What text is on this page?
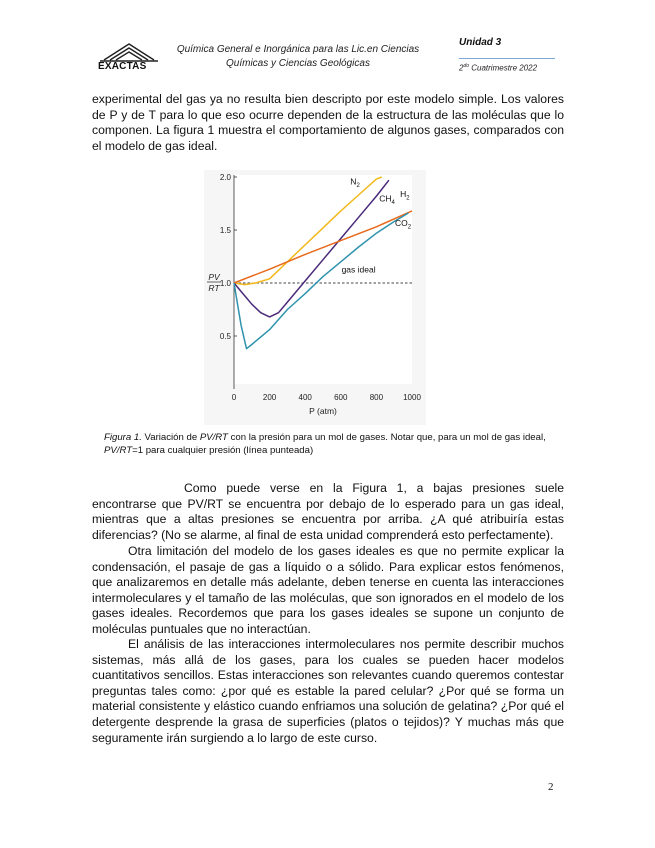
EXACTAS
Química General e Inorgánica para las Lic.en Ciencias
Químicas y Ciencias Geológicas
Unidad 3
$2^{do}$ Cuatrimestre 2022

experimental del gas ya no resulta bien descripto por este modelo simple. Los valores de P y de T para lo que eso ocurre dependen de la estructura de las moléculas que lo componen. La figura 1 muestra el comportamiento de algunos gases, comparados con el modelo de gas ideal.

0.5
1.0
1.5
2.0
0	200	400	600	800	1000
P (atm)
PV
RT
gas ideal
$N_2$
$CH_4$
$H_2$
$CO_2$
Figura 1. Variación de PV/RT con la presión para un mol de gases. Notar que, para un mol de gas ideal, PV/RT=1 para cualquier presión (línea punteada)

Como puede verse en la Figura 1, a bajas presiones suele encontrarse que PV/RT se encuentra por debajo de lo esperado para un gas ideal, mientras que a altas presiones se encuentra por arriba. ¿A qué atribuiría estas diferencias? (No se alarme, al final de esta unidad comprenderá esto perfectamente).

Otra limitación del modelo de los gases ideales es que no permite explicar la condensación, el pasaje de gas a líquido o a sólido. Para explicar estos fenómenos, que analizaremos en detalle más adelante, deben tenerse en cuenta las interacciones intermoleculares y el tamaño de las moléculas, que son ignorados en el modelo de los gases ideales. Recordemos que para los gases ideales se supone un conjunto de moléculas puntuales que no interactúan.

El análisis de las interacciones intermoleculares nos permite describir muchos sistemas, más allá de los gases, para los cuales se pueden hacer modelos cuantitativos sencillos. Estas interacciones son relevantes cuando queremos contestar preguntas tales como: ¿por qué es estable la pared celular? ¿Por qué se forma un material consistente y elástico cuando enfriamos una solución de gelatina? ¿Por qué el detergente desprende la grasa de superficies (platos o tejidos)? Y muchas más que seguramente irán surgiendo a lo largo de este curso.

2
